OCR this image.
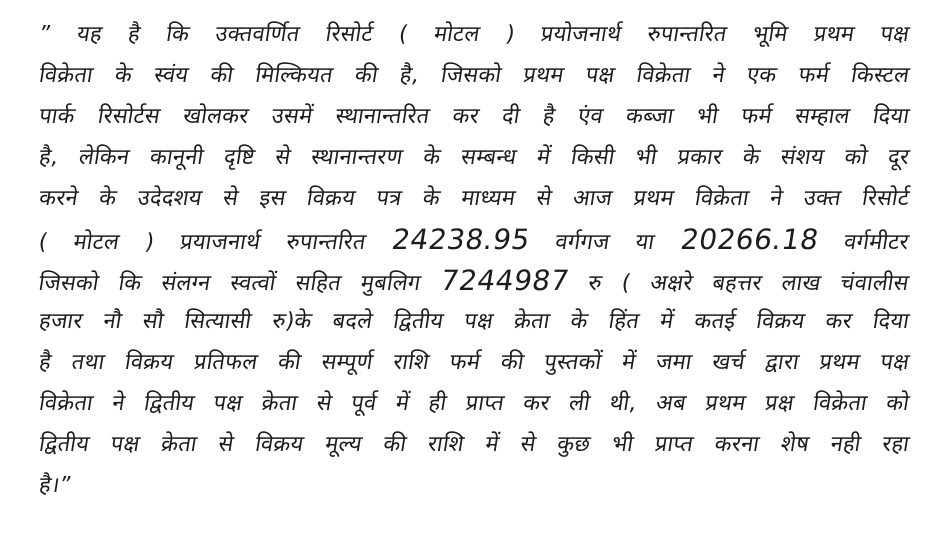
” यह है कि उक्तवर्णित रिसोर्ट ( मोटल ) प्रयोजनार्थ रुपान्तरित भूमि प्रथम पक्ष
विक्रेता के स्वंय की मिल्कियत की है, जिसको प्रथम पक्ष विक्रेता ने एक फर्म किस्टल
पार्क रिसोर्टस खोलकर उसमें स्थानान्तरित कर दी है एंव कब्जा भी फर्म सम्हाल दिया
है, लेकिन कानूनी दृष्टि से स्थानान्तरण के सम्बन्ध में किसी भी प्रकार के संशय को दूर
करने के उदेदशय से इस विक्रय पत्र के माध्यम से आज प्रथम विक्रेता ने उक्त रिसोर्ट
( मोटल ) प्रयाजनार्थ रुपान्तरित 24238.95 वर्गगज या 20266.18 वर्गमीटर
जिसको कि संलग्न स्वत्वों सहित मुबलिग 7244987 रु ( अक्षरे बहत्तर लाख चंवालीस
हजार नौ सौ सित्यासी रु)के बदले द्वितीय पक्ष क्रेता के हिंत में कतई विक्रय कर दिया
है तथा विक्रय प्रतिफल की सम्पूर्ण राशि फर्म की पुस्तकों में जमा खर्च द्वारा प्रथम पक्ष
विक्रेता ने द्वितीय पक्ष क्रेता से पूर्व में ही प्राप्त कर ली थी, अब प्रथम प्रक्ष विक्रेता को
द्वितीय पक्ष क्रेता से विक्रय मूल्य की राशि में से कुछ भी प्राप्त करना शेष नही रहा
है।”
